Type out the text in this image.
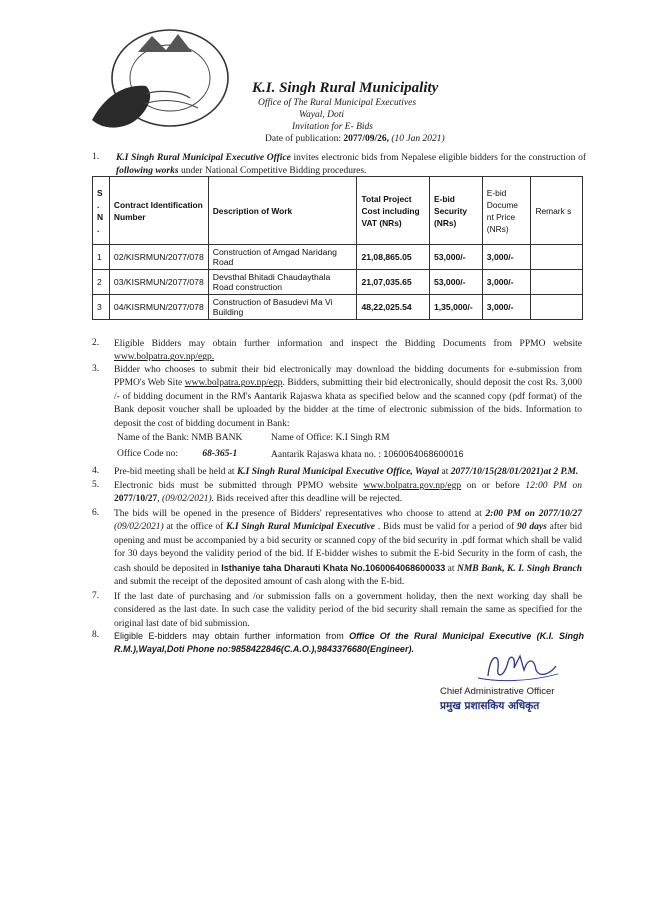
K.I. Singh Rural Municipality
Office of The Rural Municipal Executives
Wayal, Doti
Invitation for E- Bids
Date of publication: 2077/09/26, (10 Jan 2021)
1. K.I Singh Rural Municipal Executive Office invites electronic bids from Nepalese eligible bidders for the construction of following works under National Competitive Bidding procedures.
S . N .	Contract Identification Number	Description of Work	Total Project Cost including VAT (NRs)	E-bid Security (NRs)	E-bid Docume nt Price (NRs)	Remark s
1	02/KISRMUN/2077/078	Construction of Amgad Naridang Road	21,08,865.05	53,000/-	3,000/-	
2	03/KISRMUN/2077/078	Devsthal Bhitadi Chaudaythala Road construction	21,07,035.65	53,000/-	3,000/-	
3	04/KISRMUN/2077/078	Construction of Basudevi Ma Vi Building	48,22,025.54	1,35,000/-	3,000/-	
2. Eligible Bidders may obtain further information and inspect the Bidding Documents from PPMO website www.bolpatra.gov.np/egp.
3. Bidder who chooses to submit their bid electronically may download the bidding documents for e-submission from PPMO's Web Site www.bolpatra.gov.np/egp. Bidders, submitting their bid electronically, should deposit the cost Rs. 3,000 /- of bidding document in the RM's Aantarik Rajaswa khata as specified below and the scanned copy (pdf format) of the Bank deposit voucher shall be uploaded by the bidder at the time of electronic submission of the bids. Information to deposit the cost of bidding document in Bank:
Name of the Bank: NMB BANK	Name of Office: K.I Singh RM
Office Code no:	68-365-1	Aantarik Rajaswa khata no. : 1060064068600016
4. Pre-bid meeting shall be held at K.I Singh Rural Municipal Executive Office, Wayal at 2077/10/15(28/01/2021)at 2 P.M.
5. Electronic bids must be submitted through PPMO website www.bolpatra.gov.np/egp on or before 12:00 PM on 2077/10/27, (09/02/2021). Bids received after this deadline will be rejected.
6. The bids will be opened in the presence of Bidders' representatives who choose to attend at 2:00 PM on 2077/10/27 (09/02/2021) at the office of K.I Singh Rural Municipal Executive . Bids must be valid for a period of 90 days after bid opening and must be accompanied by a bid security or scanned copy of the bid security in .pdf format which shall be valid for 30 days beyond the validity period of the bid. If E-bidder wishes to submit the E-bid Security in the form of cash, the cash should be deposited in Isthaniye taha Dharauti Khata No.1060064068600033 at NMB Bank, K. I. Singh Branch and submit the receipt of the deposited amount of cash along with the E-bid.
7. If the last date of purchasing and /or submission falls on a government holiday, then the next working day shall be considered as the last date. In such case the validity period of the bid security shall remain the same as specified for the original last date of bid submission.
8. Eligible E-bidders may obtain further information from Office Of the Rural Municipal Executive (K.I. Singh R.M.),Wayal,Doti Phone no:9858422846(C.A.O.),9843376680(Engineer).
Chief Administrative Officer
प्रमुख प्रशासकिय अधिकृत
